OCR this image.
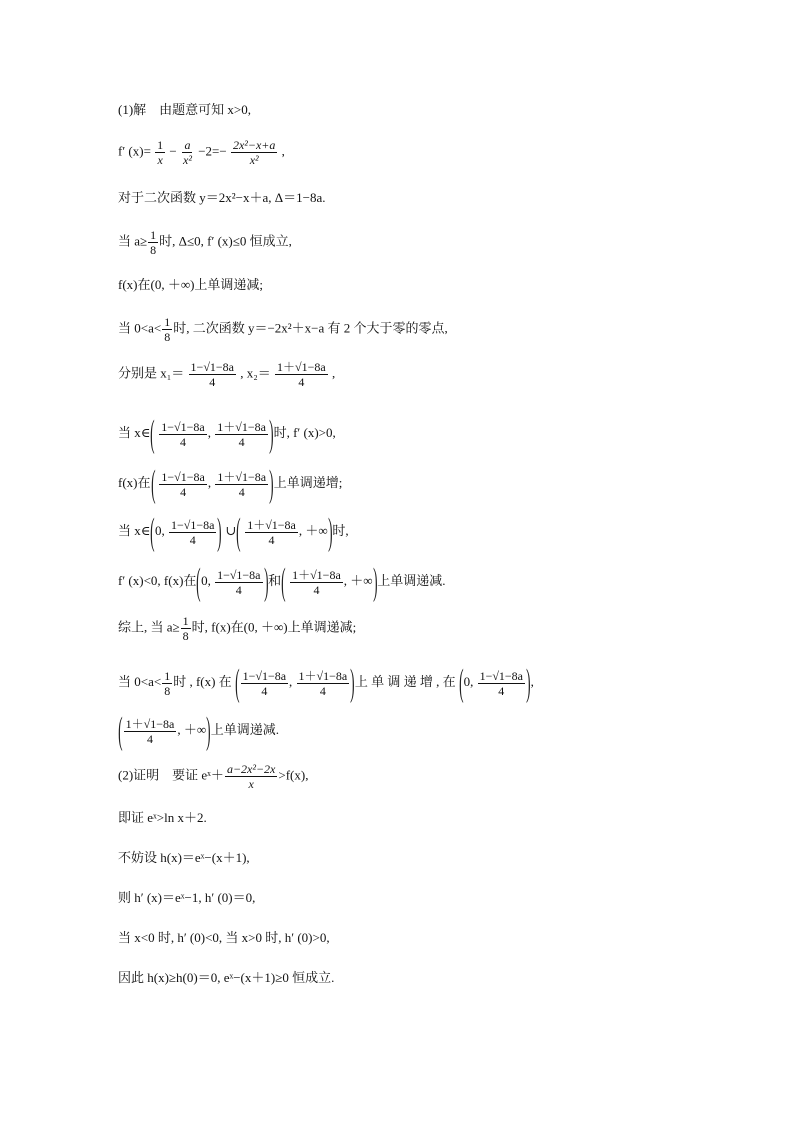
(1)解　由题意可知 x>0,
f′ $(x)= \frac{1}{x} - \frac{a}{\text{x²}} -2=- \frac{\text{2x²−x+a}}{\text{x²}}$ ,
对于二次函数 y＝2x²−x＋a, Δ＝1−8a.
当 $a\ge \frac{1}{8}$ 时, Δ≤0, f′ (x)≤0 恒成立,
f(x)在(0, ＋∞)上单调递减;
当 $0<a< \frac{1}{8}$ 时, 二次函数 y＝−2x²＋x−a 有 2 个大于零的零点,
分别是 $x_1= \frac{1-√1-8a}{4}$ , $x_2= \frac{1+√1-8a}{4}$ ,
当 x∈( $\frac{1-√1-8a}{4}$ , $\frac{1+√1-8a}{4}$ )时, f′ (x)>0,
f(x)在( $\frac{1-√1-8a}{4}$ , $\frac{1+√1-8a}{4}$ )上单调递增;
当 x∈(0, $\frac{1-√1-8a}{4}$ ) ∪( $\frac{1+√1-8a}{4}$ , ＋∞)时,
f′ (x)<0, f(x)在(0, $\frac{1-√1-8a}{4}$ )和( $\frac{1+√1-8a}{4}$ , ＋∞)上单调递减.
综上, 当 $a\ge \frac{1}{8}$ 时, f(x)在(0, ＋∞)上单调递减;
当 $0<a< \frac{1}{8}$ 时 , f(x) 在 ( $\frac{1-√1-8a}{4}$ , $\frac{1+√1-8a}{4}$ )上 单 调 递 增 , 在 (0, $\frac{1-√1-8a}{4}$ ),
( $\frac{1+√1-8a}{4}$ , ＋∞)上单调递减.
(2)证明　要证 eˣ＋ $\frac{\text{a−2x²−2x}}{x} >f(x)$,
即证 eˣ>ln x＋2.
不妨设 h(x)＝eˣ−(x＋1),
则 h′ (x)＝eˣ−1, h′ (0)＝0,
当 x<0 时, h′ (0)<0, 当 x>0 时, h′ (0)>0,
因此 h(x)≥h(0)＝0, eˣ−(x＋1)≥0 恒成立.
